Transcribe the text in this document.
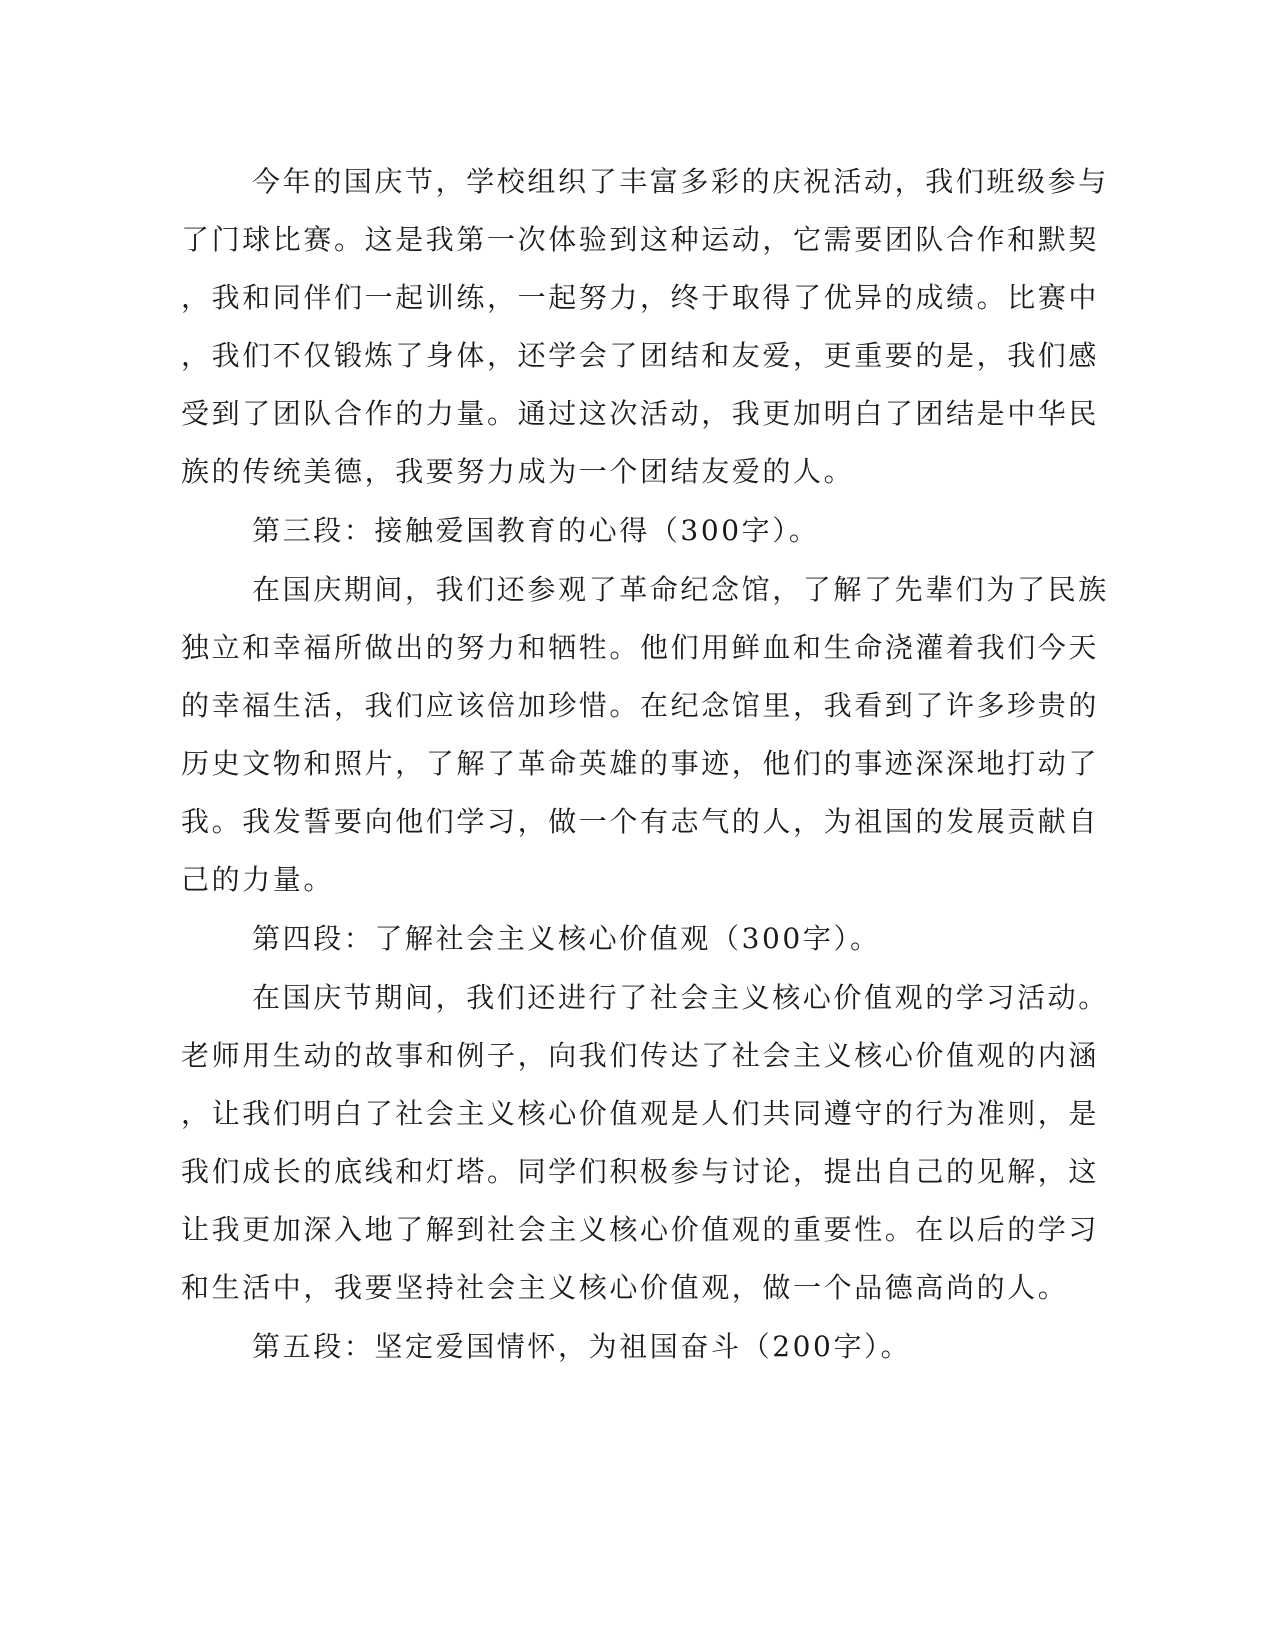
今年的国庆节，学校组织了丰富多彩的庆祝活动，我们班级参与

了门球比赛。这是我第一次体验到这种运动，它需要团队合作和默契

，我和同伴们一起训练，一起努力，终于取得了优异的成绩。比赛中

，我们不仅锻炼了身体，还学会了团结和友爱，更重要的是，我们感

受到了团队合作的力量。通过这次活动，我更加明白了团结是中华民

族的传统美德，我要努力成为一个团结友爱的人。

第三段：接触爱国教育的心得（300字）。

在国庆期间，我们还参观了革命纪念馆，了解了先辈们为了民族

独立和幸福所做出的努力和牺牲。他们用鲜血和生命浇灌着我们今天

的幸福生活，我们应该倍加珍惜。在纪念馆里，我看到了许多珍贵的

历史文物和照片，了解了革命英雄的事迹，他们的事迹深深地打动了

我。我发誓要向他们学习，做一个有志气的人，为祖国的发展贡献自

己的力量。

第四段：了解社会主义核心价值观（300字）。

在国庆节期间，我们还进行了社会主义核心价值观的学习活动。

老师用生动的故事和例子，向我们传达了社会主义核心价值观的内涵

，让我们明白了社会主义核心价值观是人们共同遵守的行为准则，是

我们成长的底线和灯塔。同学们积极参与讨论，提出自己的见解，这

让我更加深入地了解到社会主义核心价值观的重要性。在以后的学习

和生活中，我要坚持社会主义核心价值观，做一个品德高尚的人。

第五段：坚定爱国情怀，为祖国奋斗（200字）。
